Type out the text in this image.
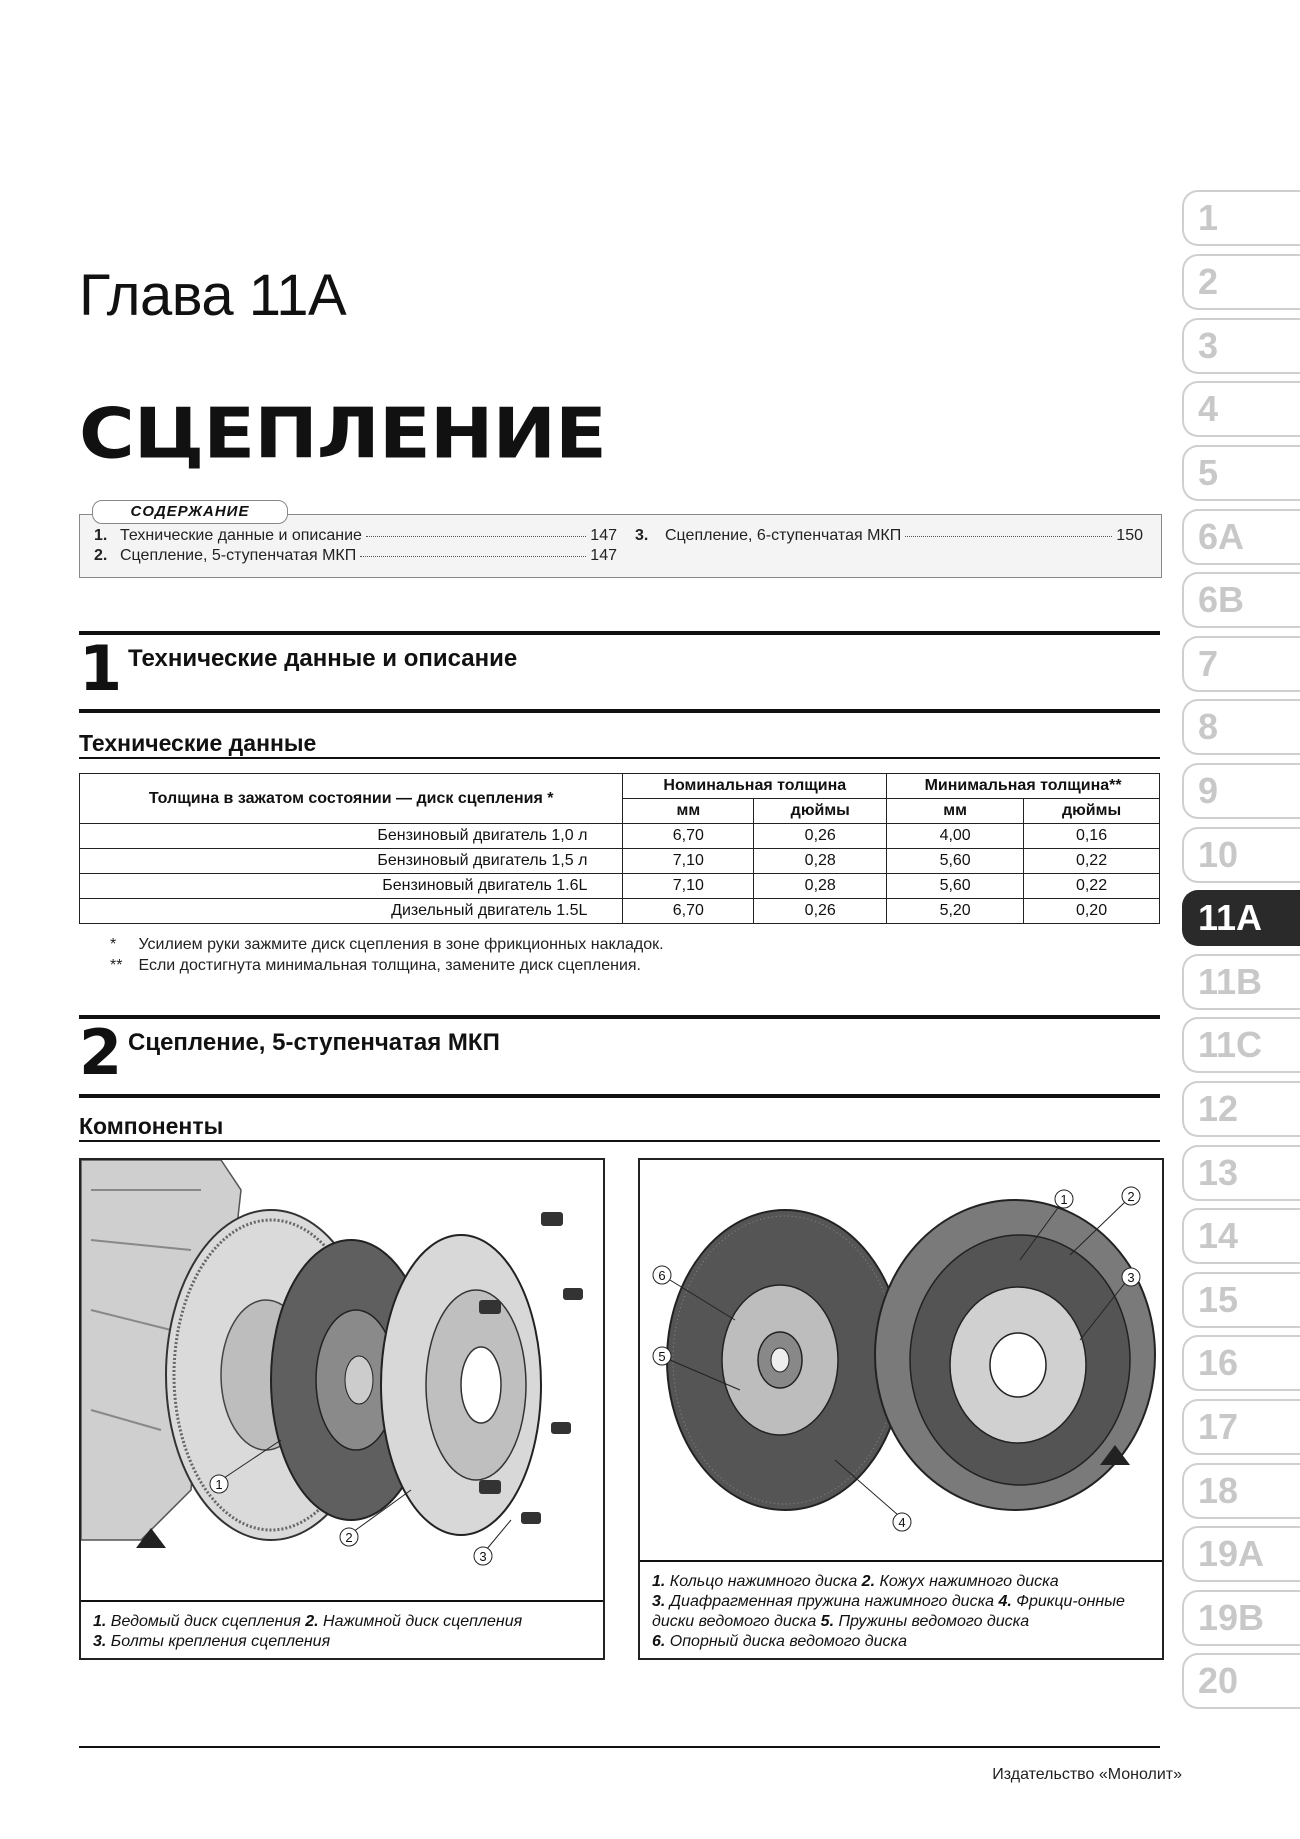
Глава 11А
СЦЕПЛЕНИЕ
1. Технические данные и описание	147
2. Сцепление, 5-ступенчатая МКП	147
3.	Сцепление, 6-ступенчатая МКП	150
СОДЕРЖАНИЕ
1 Технические данные и описание
Технические данные
Толщина в зажатом состоянии — диск сцепления *	Номинальная толщина		Минимальная толщина**	
	мм	дюймы	мм	дюймы
Бензиновый двигатель 1,0 л	6,70	0,26	4,00	0,16
Бензиновый двигатель 1,5 л	7,10	0,28	5,60	0,22
Бензиновый двигатель 1.6L	7,10	0,28	5,60	0,22
Дизельный двигатель 1.5L	6,70	0,26	5,20	0,20
* Усилием руки зажмите диск сцепления в зоне фрикционных накладок.
** Если достигнута минимальная толщина, замените диск сцепления.
2 Сцепление, 5-ступенчатая МКП
Компоненты
1
2
3
1. Ведомый диск сцепления 2. Нажимной диск сцепления
3. Болты крепления сцепления
1	2
3
4
5
6
1. Кольцо нажимного диска 2. Кожух нажимного диска
3. Диафрагменная пружина нажимного диска 4. Фрикци-онные диски ведомого диска 5. Пружины ведомого диска
6. Опорный диска ведомого диска
1
2
3
4
5
6A
6B
7
8
9
10
11A
11B
11C
12
13
14
15
16
17
18
19A
19B
20
Издательство «Монолит»
